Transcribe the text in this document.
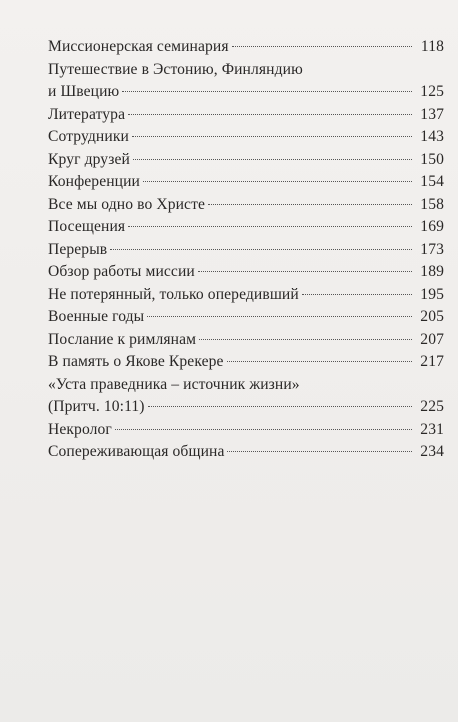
Миссионерская семинария	118
Путешествие в Эстонию, Финляндию
и Швецию	125
Литература	137
Сотрудники	143
Круг друзей	150
Конференции	154
Все мы одно во Христе	158
Посещения	169
Перерыв	173
Обзор работы миссии	189
Не потерянный, только опередивший	195
Военные годы	205
Послание к римлянам	207
В память о Якове Крекере	217
«Уста праведника – источник жизни»
(Притч. 10:11)	225
Некролог	231
Сопереживающая община	234
